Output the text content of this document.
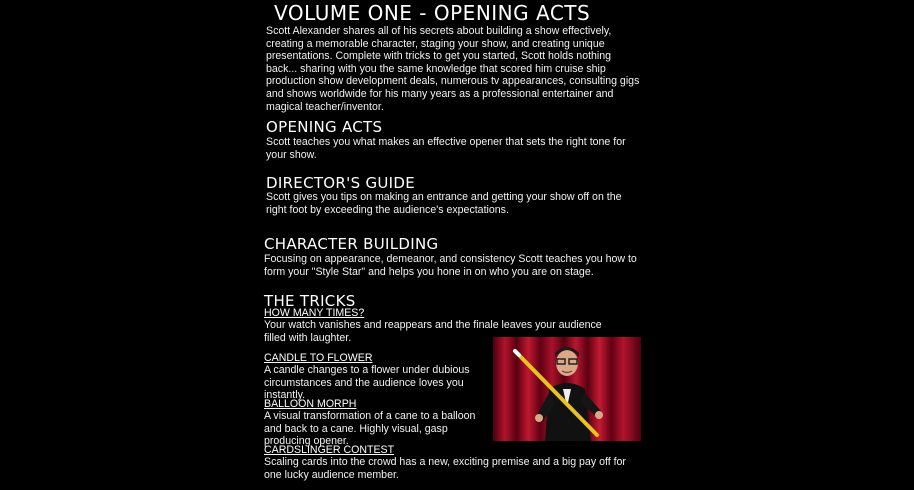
VOLUME ONE - OPENING ACTS

Scott Alexander shares all of his secrets about building a show effectively, creating a memorable character, staging your show, and creating unique presentations. Complete with tricks to get you started, Scott holds nothing back... sharing with you the same knowledge that scored him cruise ship production show development deals, numerous tv appearances, consulting gigs and shows worldwide for his many years as a professional entertainer and magical teacher/inventor.

OPENING ACTS

Scott teaches you what makes an effective opener that sets the right tone for your show.

DIRECTOR'S GUIDE

Scott gives you tips on making an entrance and getting your show off on the right foot by exceeding the audience's expectations.

CHARACTER BUILDING

Focusing on appearance, demeanor, and consistency Scott teaches you how to form your "Style Star" and helps you hone in on who you are on stage.

THE TRICKS

HOW MANY TIMES?

Your watch vanishes and reappears and the finale leaves your audience filled with laughter.

CANDLE TO FLOWER

A candle changes to a flower under dubious circumstances and the audience loves you instantly.

BALLOON MORPH

A visual transformation of a cane to a balloon and back to a cane. Highly visual, gasp producing opener.

CARDSLINGER CONTEST

Scaling cards into the crowd has a new, exciting premise and a big pay off for one lucky audience member.
